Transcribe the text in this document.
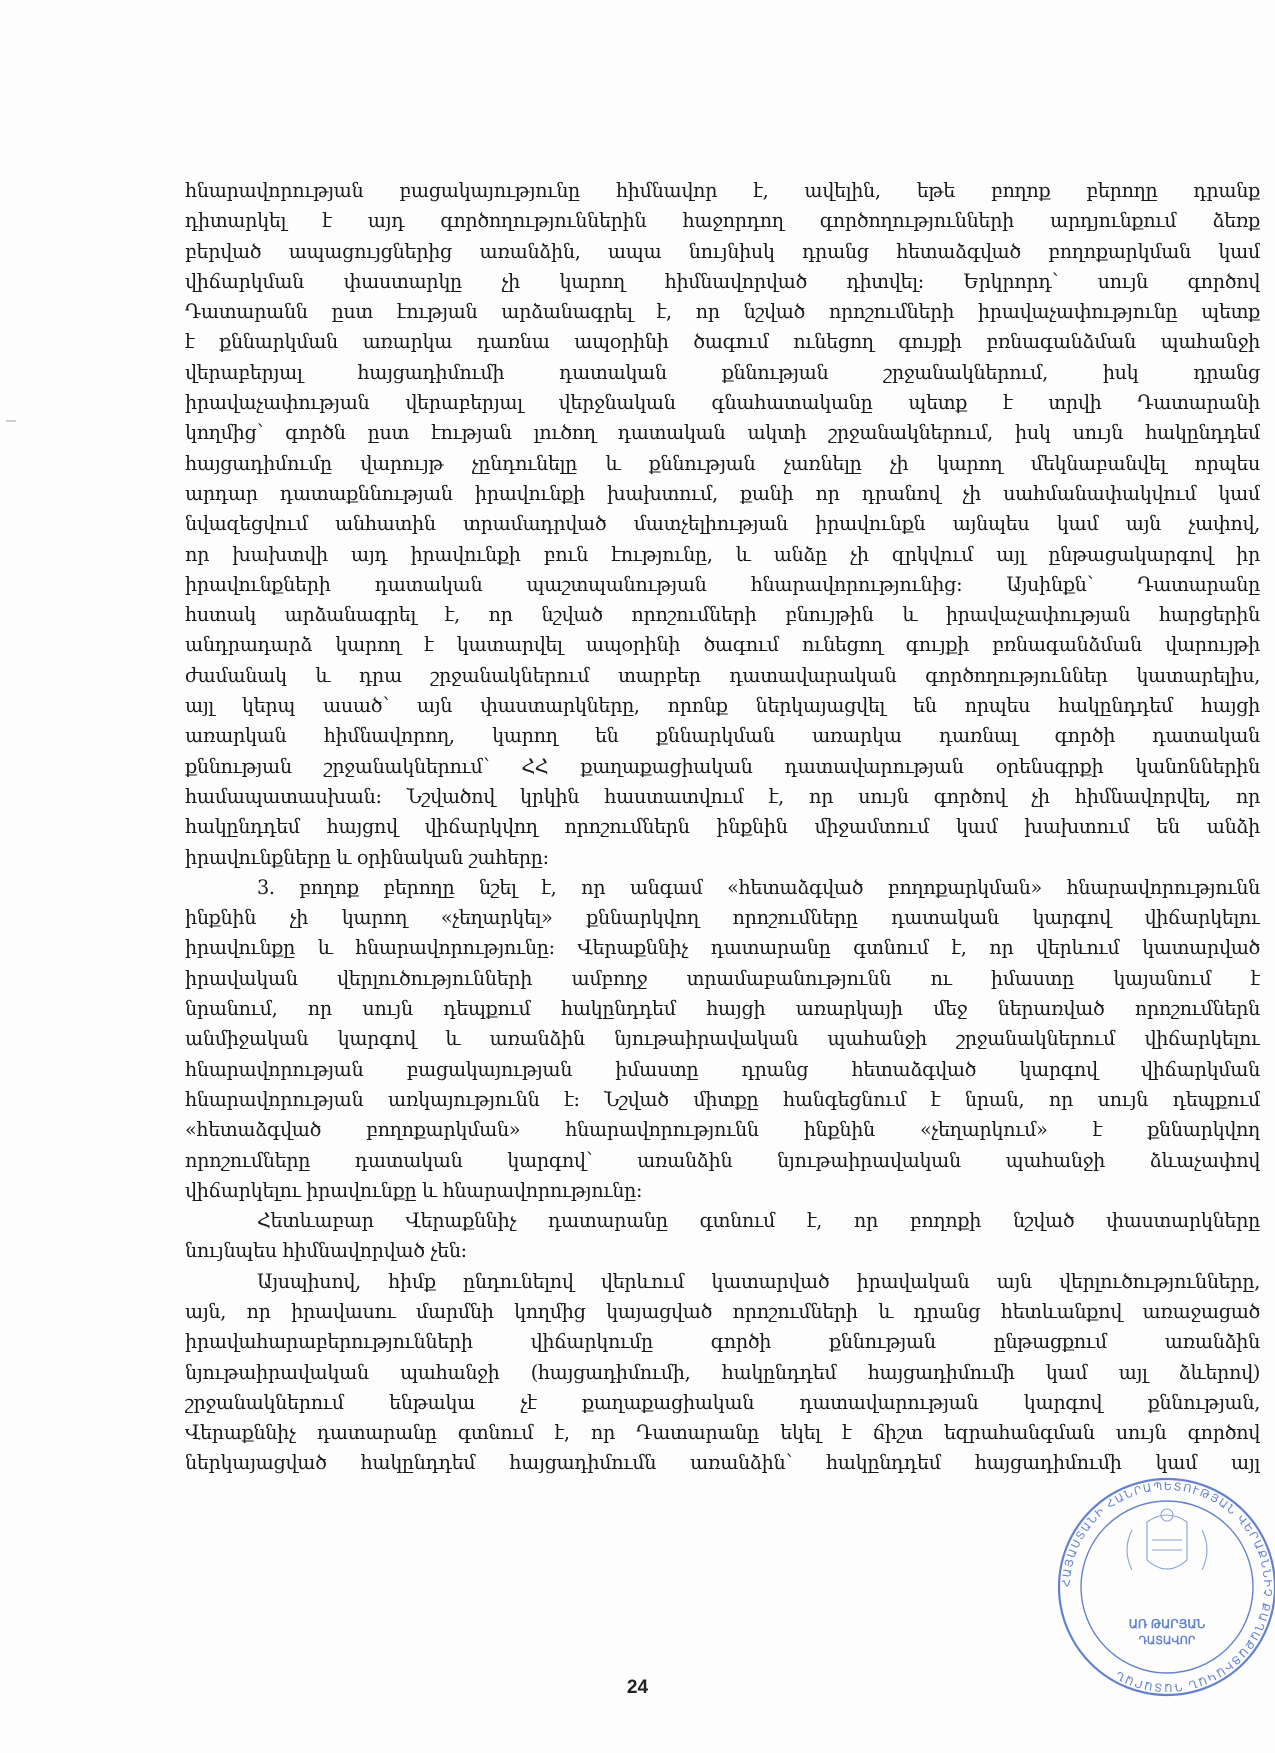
հնարավորության բացակայությունը հիմնավոր է, ավելին, եթե բողոք բերողը դրանք
դիտարկել է այդ գործողություններին հաջորդող գործողությունների արդյունքում ձեռք
բերված ապացույցներից առանձին, ապա նույնիսկ դրանց հետաձգված բողոքարկման կամ
վիճարկման փաստարկը չի կարող հիմնավորված դիտվել: Երկրորդ՝ սույն գործով
Դատարանն ըստ էության արձանագրել է, որ նշված որոշումների իրավաչափությունը պետք
է քննարկման առարկա դառնա ապօրինի ծագում ունեցող գույքի բռնագանձման պահանջի
վերաբերյալ հայցադիմումի դատական քննության շրջանակներում, իսկ դրանց
իրավաչափության վերաբերյալ վերջնական գնահատականը պետք է տրվի Դատարանի
կողմից՝ գործն ըստ էության լուծող դատական ակտի շրջանակներում, իսկ սույն հակընդդեմ
հայցադիմումը վարույթ չընդունելը և քննության չառնելը չի կարող մեկնաբանվել որպես
արդար դատաքննության իրավունքի խախտում, քանի որ դրանով չի սահմանափակվում կամ
նվազեցվում անհատին տրամադրված մատչելիության իրավունքն այնպես կամ այն չափով,
որ խախտվի այդ իրավունքի բուն էությունը, և անձը չի զրկվում այլ ընթացակարգով իր
իրավունքների դատական պաշտպանության հնարավորությունից: Այսինքն՝ Դատարանը
հստակ արձանագրել է, որ նշված որոշումների բնույթին և իրավաչափության հարցերին
անդրադարձ կարող է կատարվել ապօրինի ծագում ունեցող գույքի բռնագանձման վարույթի
ժամանակ և դրա շրջանակներում տարբեր դատավարական գործողություններ կատարելիս,
այլ կերպ ասած՝ այն փաստարկները, որոնք ներկայացվել են որպես հակընդդեմ հայցի
առարկան հիմնավորող, կարող են քննարկման առարկա դառնալ գործի դատական
քննության շրջանակներում՝ ՀՀ քաղաքացիական դատավարության օրենսգրքի կանոններին
համապատասխան: Նշվածով կրկին հաստատվում է, որ սույն գործով չի հիմնավորվել, որ
հակընդդեմ հայցով վիճարկվող որոշումներն ինքնին միջամտում կամ խախտում են անձի
իրավունքները և օրինական շահերը:
3. բողոք բերողը նշել է, որ անգամ «հետաձգված բողոքարկման» հնարավորությունն
ինքնին չի կարող «չեղարկել» քննարկվող որոշումները դատական կարգով վիճարկելու
իրավունքը և հնարավորությունը: Վերաքննիչ դատարանը գտնում է, որ վերևում կատարված
իրավական վերլուծությունների ամբողջ տրամաբանությունն ու իմաստը կայանում է
նրանում, որ սույն դեպքում հակընդդեմ հայցի առարկայի մեջ ներառված որոշումներն
անմիջական կարգով և առանձին նյութաիրավական պահանջի շրջանակներում վիճարկելու
հնարավորության բացակայության իմաստը դրանց հետաձգված կարգով վիճարկման
հնարավորության առկայությունն է: Նշված միտքը հանգեցնում է նրան, որ սույն դեպքում
«հետաձգված բողոքարկման» հնարավորությունն ինքնին «չեղարկում» է քննարկվող
որոշումները դատական կարգով՝ առանձին նյութաիրավական պահանջի ձևաչափով
վիճարկելու իրավունքը և հնարավորությունը:
Հետևաբար Վերաքննիչ դատարանը գտնում է, որ բողոքի նշված փաստարկները
նույնպես հիմնավորված չեն:
Այսպիսով, հիմք ընդունելով վերևում կատարված իրավական այն վերլուծությունները,
այն, որ իրավասու մարմնի կողմից կայացված որոշումների և դրանց հետևանքով առաջացած
իրավահարաբերությունների վիճարկումը գործի քննության ընթացքում առանձին
նյութաիրավական պահանջի (հայցադիմումի, հակընդդեմ հայցադիմումի կամ այլ ձևերով)
շրջանակներում ենթակա չէ քաղաքացիական դատավարության կարգով քննության,
Վերաքննիչ դատարանը գտնում է, որ Դատարանը եկել է ճիշտ եզրահանգման սույն գործով
ներկայացված հակընդդեմ հայցադիմումն առանձին՝ հակընդդեմ հայցադիմումի կամ այլ
ՀԱՅԱՍՏԱՆԻ ՀԱՆՐԱՊԵՏՈՒԹՅԱՆ ՎԵՐԱՔՆՆԻՉ ՔԱՂԱՔԱՑԻԱԿԱՆ ԴԱՏԱՐԱՆ
ԱՌ ԹԱՐՅԱՆ
ԴԱՏԱՎՈՐ
24
